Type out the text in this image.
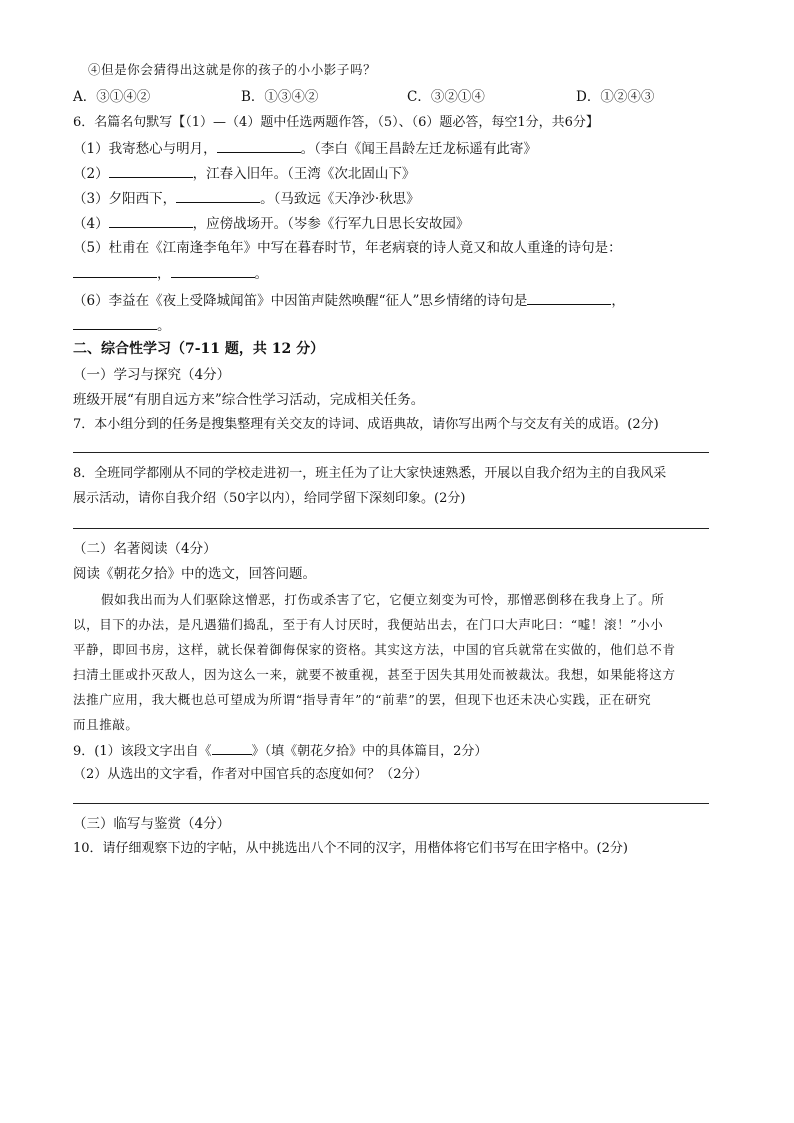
④但是你会猜得出这就是你的孩子的小小影子吗？
A．③①④②	B．①③④②	C．③②①④	D．①②④③
6．名篇名句默写【（1）—（4）题中任选两题作答，（5）、（6）题必答，每空1分，共6分】
（1）我寄愁心与明月，	。（李白《闻王昌龄左迁龙标遥有此寄》
（2）	，江春入旧年。（王湾《次北固山下》
（3）夕阳西下，	。（马致远《天净沙·秋思》
（4）	，应傍战场开。（岑参《行军九日思长安故园》
（5）杜甫在《江南逢李龟年》中写在暮春时节，年老病衰的诗人竟又和故人重逢的诗句是：
，	。
（6）李益在《夜上受降城闻笛》中因笛声陡然唤醒“征人”思乡情绪的诗句是	，
。
二、综合性学习（7-11 题，共 12 分）
（一）学习与探究（4分）
班级开展“有朋自远方来”综合性学习活动，完成相关任务。
7．本小组分到的任务是搜集整理有关交友的诗词、成语典故，请你写出两个与交友有关的成语。(2分)
8．全班同学都刚从不同的学校走进初一，班主任为了让大家快速熟悉，开展以自我介绍为主的自我风采
展示活动，请你自我介绍（50字以内），给同学留下深刻印象。(2分)
（二）名著阅读（4分）
阅读《朝花夕拾》中的选文，回答问题。
假如我出而为人们驱除这憎恶，打伤或杀害了它，它便立刻变为可怜，那憎恶倒移在我身上了。所
以，目下的办法，是凡遇猫们捣乱，至于有人讨厌时，我便站出去，在门口大声叱曰：“嘘！滚！”小小
平静，即回书房，这样，就长保着御侮保家的资格。其实这方法，中国的官兵就常在实做的，他们总不肯
扫清土匪或扑灭敌人，因为这么一来，就要不被重视，甚至于因失其用处而被裁汰。我想，如果能将这方
法推广应用，我大概也总可望成为所谓“指导青年”的“前辈”的罢，但现下也还未决心实践，正在研究
而且推敲。
9．(1）该段文字出自《	》（填《朝花夕拾》中的具体篇目，2分）
（2）从选出的文字看，作者对中国官兵的态度如何？（2分）
（三）临写与鉴赏（4分）
10．请仔细观察下边的字帖，从中挑选出八个不同的汉字，用楷体将它们书写在田字格中。(2分)
